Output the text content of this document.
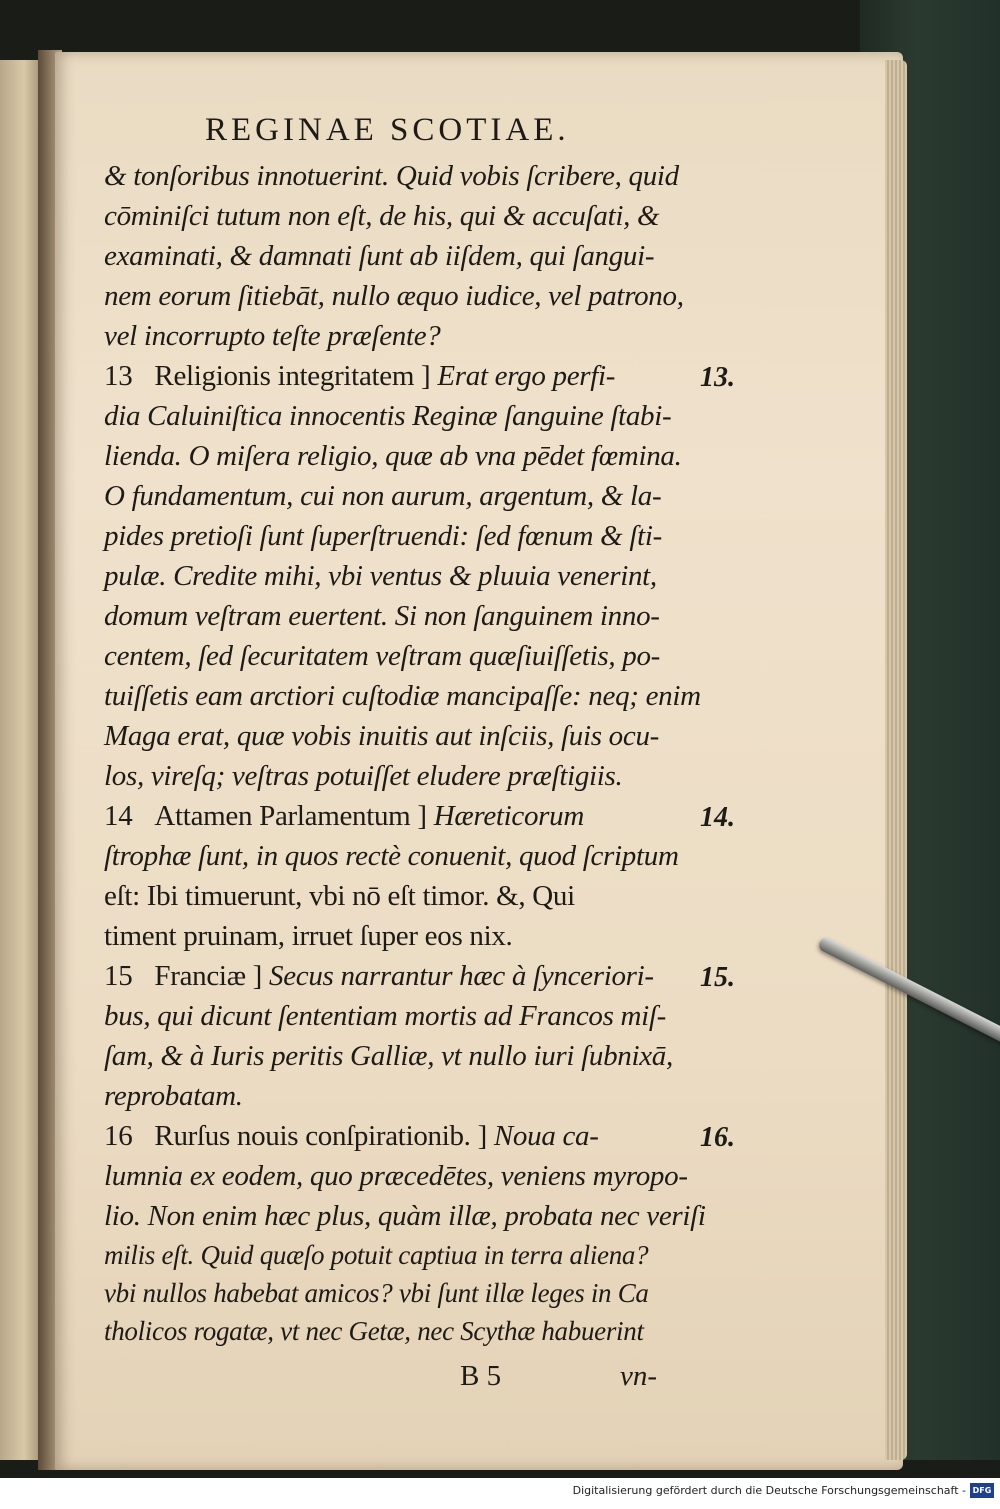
REGINAE SCOTIAE.
& tonſoribus innotuerint. Quid vobis ſcribere, quid
cōminiſci tutum non eſt, de his, qui & accuſati, &
examinati, & damnati ſunt ab iiſdem, qui ſangui-
nem eorum ſitiebāt, nullo æquo iudice, vel patrono,
vel incorrupto teſte præſente?
13 Religionis integritatem ] Erat ergo perfi-	13.
dia Caluiniſtica innocentis Reginæ ſanguine ſtabi-
lienda. O miſera religio, quæ ab vna pēdet fœmina.
O fundamentum, cui non aurum, argentum, & la-
pides pretioſi ſunt ſuperſtruendi: ſed fœnum & ſti-
pulæ. Credite mihi, vbi ventus & pluuia venerint,
domum veſtram euertent. Si non ſanguinem inno-
centem, ſed ſecuritatem veſtram quæſiuiſſetis, po-
tuiſſetis eam arctiori cuſtodiæ mancipaſſe: neq; enim
Maga erat, quæ vobis inuitis aut inſciis, ſuis ocu-
los, vireſq; veſtras potuiſſet eludere præſtigiis.
14 Attamen Parlamentum ] Hæreticorum	14.
ſtrophæ ſunt, in quos rectè conuenit, quod ſcriptum
eſt: Ibi timuerunt, vbi nō eſt timor. &, Qui
timent pruinam, irruet ſuper eos nix.
15 Franciæ ] Secus narrantur hæc à ſynceriori- 15.
bus, qui dicunt ſententiam mortis ad Francos miſ-
ſam, & à Iuris peritis Galliæ, vt nullo iuri ſubnixā,
reprobatam.
16 Rurſus nouis conſpirationib. ] Noua ca-	16.
lumnia ex eodem, quo præcedētes, veniens myropo-
lio. Non enim hæc plus, quàm illæ, probata nec veriſi
milis eſt. Quid quæſo potuit captiua in terra aliena?
vbi nullos habebat amicos? vbi ſunt illæ leges in Ca
tholicos rogatæ, vt nec Getæ, nec Scythæ habuerint
B 5	vn-
Digitalisierung gefördert durch die Deutsche Forschungsgemeinschaft - DFG
